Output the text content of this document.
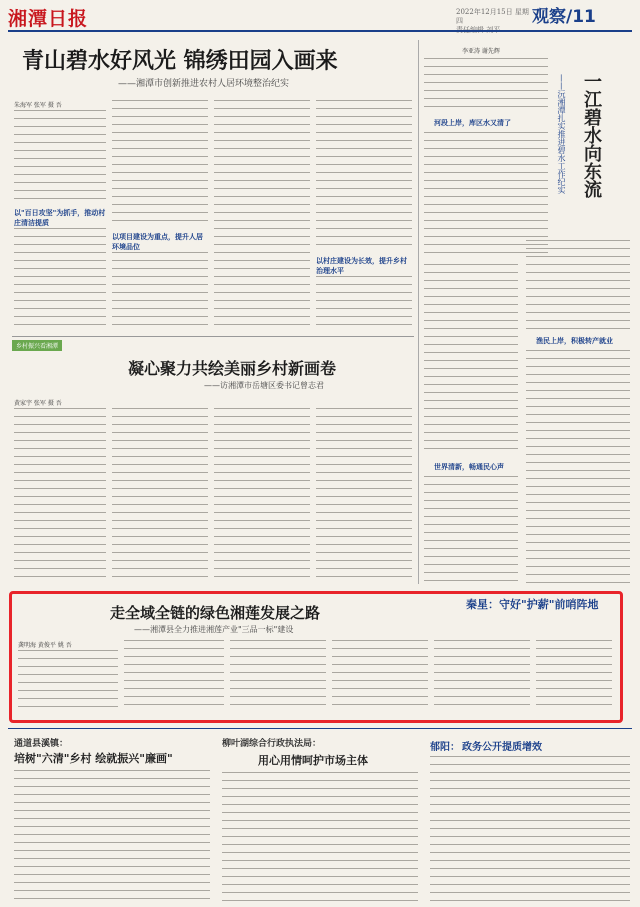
湘潭日报	2022年12月15日 星期四	观察/11
青山碧水好风光 锦绣田园入画来
——湘潭市创新推进农村人居环境整治纪实
朱海军 张军 摄 吾
以"百日攻坚"为抓手，推动村庄清洁提质
以项目建设为重点，提升人居环境品位
以村庄建设为长效，提升乡村治理水平
乡村振兴看湘潭
凝心聚力共绘美丽乡村新画卷
——访湘潭市岳塘区委书记曾志君
黄家宇 张军 摄 吾
李亚涛 谢先辉
一江碧水向东流
——沅湘潭扎实推进碧水工作纪实
河段上岸，库区水又清了
世界清新，畅通民心声
渔民上岸，积极转产就业
走全域全链的绿色湘莲发展之路
——湘潭县全力推进湘莲产业"三品一标"建设
龚明海 黄俊平 姚 吾
秦星：守好"护薪"前哨阵地
通道县溪镇：
培树"六清"乡村 绘就振兴"廉画"
柳叶湖综合行政执法局：
用心用情呵护市场主体
郁阳： 政务公开提质增效
